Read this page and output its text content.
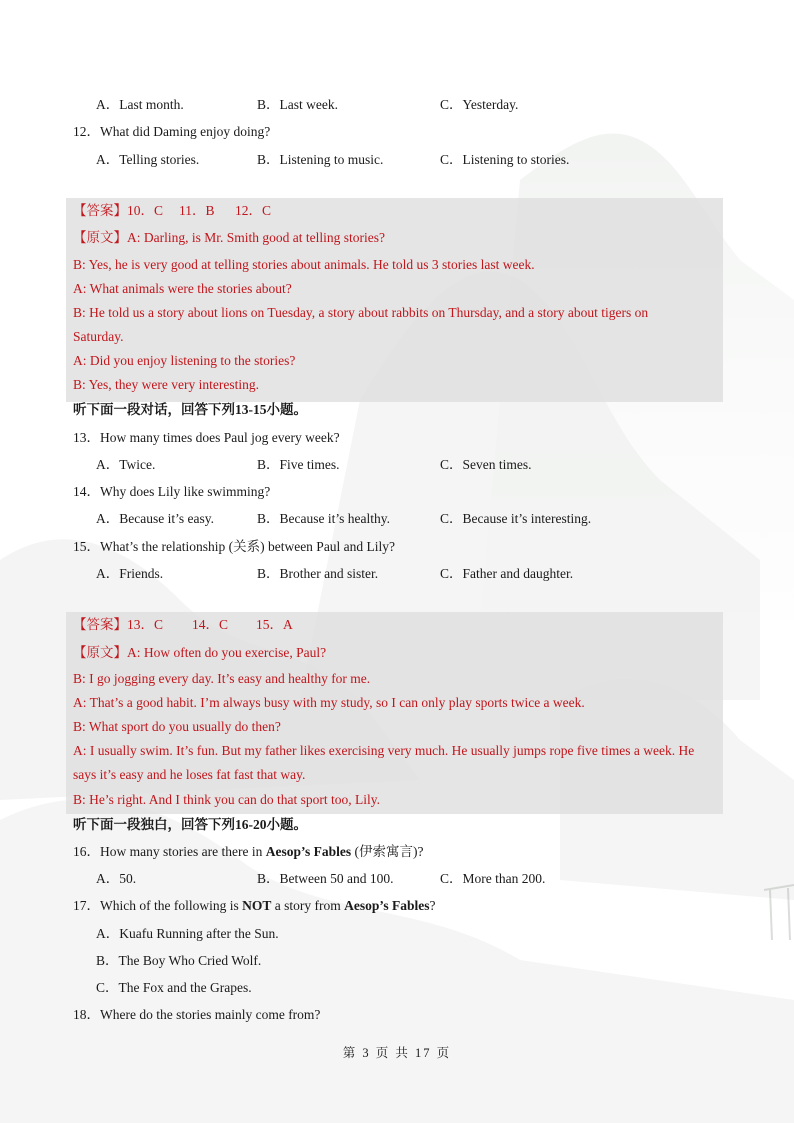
A．Last month.	B．Last week.	C．Yesterday.
12．What did Daming enjoy doing?
A．Telling stories.	B．Listening to music.	C．Listening to stories.
【答案】10．C 11．B 12．C
【原文】A: Darling, is Mr. Smith good at telling stories?
B: Yes, he is very good at telling stories about animals. He told us 3 stories last week.
A: What animals were the stories about?
B: He told us a story about lions on Tuesday, a story about rabbits on Thursday, and a story about tigers on
Saturday.
A: Did you enjoy listening to the stories?
B: Yes, they were very interesting.
听下面一段对话，回答下列13-15小题。
13．How many times does Paul jog every week?
A．Twice.	B．Five times.	C．Seven times.
14．Why does Lily like swimming?
A．Because it’s easy.	B．Because it’s healthy.	C．Because it’s interesting.
15．What’s the relationship (关系) between Paul and Lily?
A．Friends.	B．Brother and sister.	C．Father and daughter.
【答案】13．C 14．C 15．A
【原文】A: How often do you exercise, Paul?
B: I go jogging every day. It’s easy and healthy for me.
A: That’s a good habit. I’m always busy with my study, so I can only play sports twice a week.
B: What sport do you usually do then?
A: I usually swim. It’s fun. But my father likes exercising very much. He usually jumps rope five times a week. He
says it’s easy and he loses fat fast that way.
B: He’s right. And I think you can do that sport too, Lily.
听下面一段独白，回答下列16-20小题。
16．How many stories are there in Aesop’s Fables (伊索寓言)?
A．50.	B．Between 50 and 100.	C．More than 200.
17．Which of the following is NOT a story from Aesop’s Fables?
A．Kuafu Running after the Sun.
B．The Boy Who Cried Wolf.
C．The Fox and the Grapes.
18．Where do the stories mainly come from?
第 3 页 共 17 页
